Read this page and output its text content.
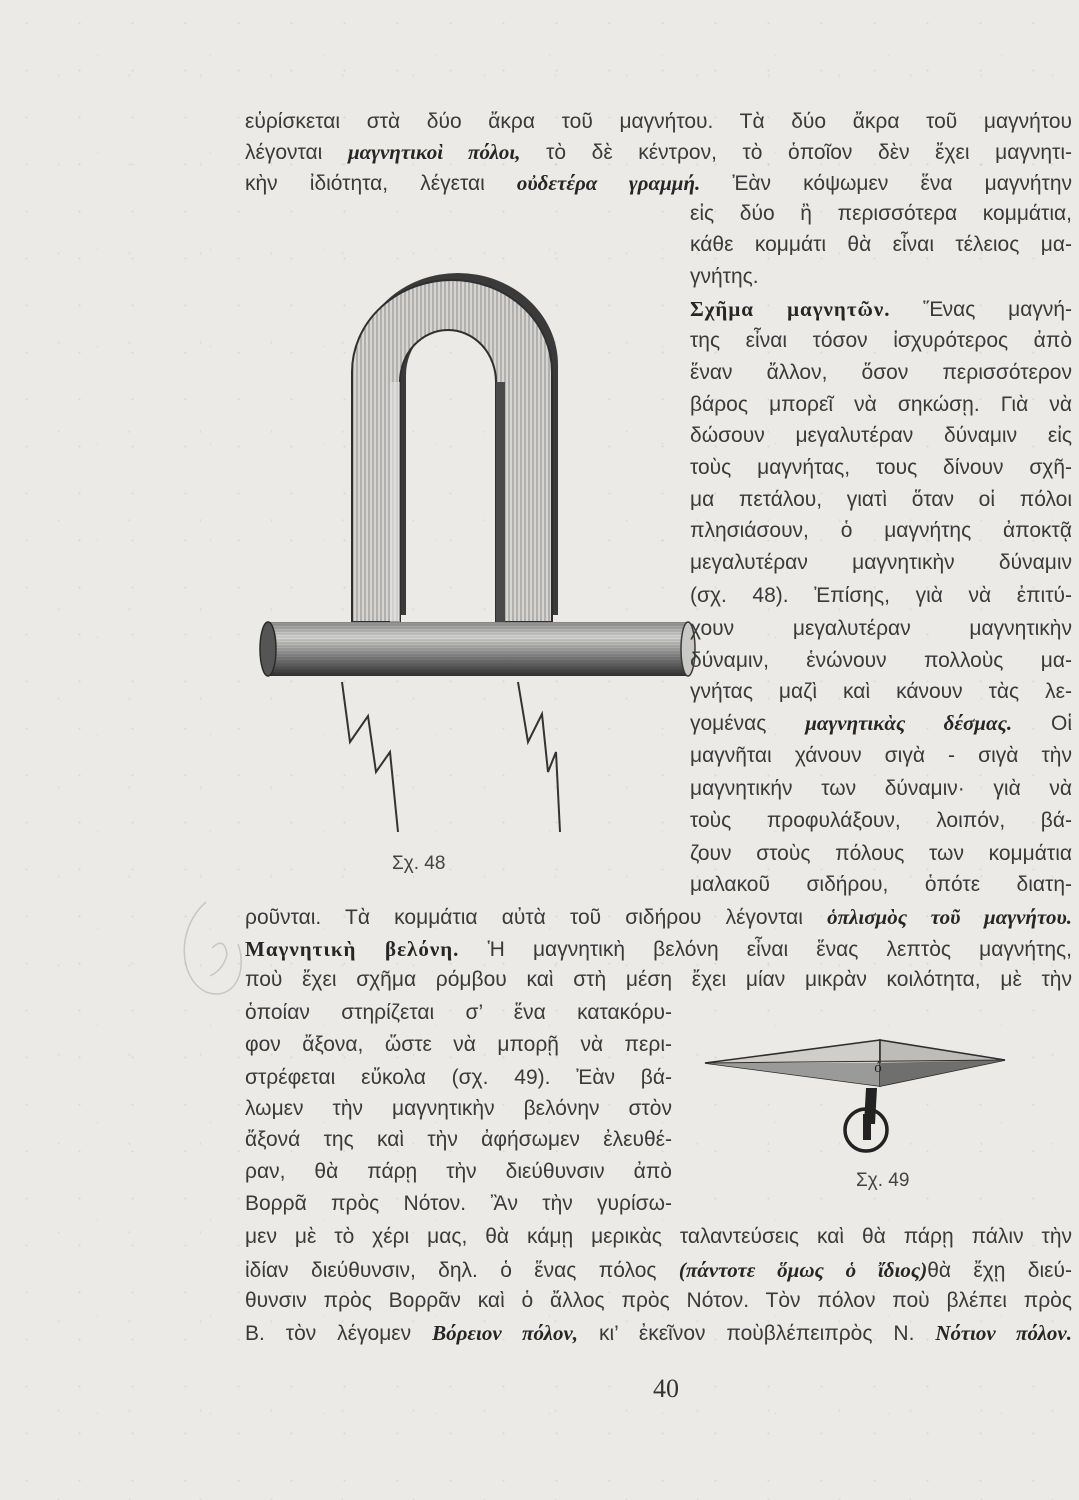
ό
εὑρίσκεται στὰ δύο ἄκρα τοῦ μαγνήτου. Τὰ δύο ἄκρα τοῦ μαγνήτου
λέγονται μαγνητικοὶ πόλοι, τὸ δὲ κέντρον, τὸ ὁποῖον δὲν ἔχει μαγνητι-
κὴν ἰδιότητα, λέγεται οὐδετέρα γραμμή. Ἐὰν κόψωμεν ἕνα μαγνήτην
εἰς δύο ἢ περισσότερα κομμάτια,
κάθε κομμάτι θὰ εἶναι τέλειος μα-
γνήτης.
Σχῆμα μαγνητῶν. Ἕνας μαγνή-
της εἶναι τόσον ἰσχυρότερος ἀπὸ
ἕναν ἄλλον, ὅσον περισσότερον
βάρος μπορεῖ νὰ σηκώσῃ. Γιὰ νὰ
δώσουν μεγαλυτέραν δύναμιν εἰς
τοὺς μαγνήτας, τους δίνουν σχῆ-
μα πετάλου, γιατὶ ὅταν οἱ πόλοι
πλησιάσουν, ὁ μαγνήτης ἀποκτᾷ
μεγαλυτέραν μαγνητικὴν δύναμιν
(σχ. 48). Ἐπίσης, γιὰ νὰ ἐπιτύ-
χουν μεγαλυτέραν μαγνητικὴν
δύναμιν, ἑνώνουν πολλοὺς μα-
γνήτας μαζὶ καὶ κάνουν τὰς λε-
γομένας μαγνητικὰς δέσμας. Οἱ
μαγνῆται χάνουν σιγὰ - σιγὰ τὴν
μαγνητικήν των δύναμιν· γιὰ νὰ
τοὺς προφυλάξουν, λοιπόν, βά-
ζουν στοὺς πόλους των κομμάτια
μαλακοῦ σιδήρου, ὁπότε διατη-
ροῦνται. Τὰ κομμάτια αὐτὰ τοῦ σιδήρου λέγονται ὁπλισμὸς τοῦ μαγνήτου.
Μαγνητικὴ βελόνη. Ἡ μαγνητικὴ βελόνη εἶναι ἕνας λεπτὸς μαγνήτης,
ποὺ ἔχει σχῆμα ρόμβου καὶ στὴ μέση ἔχει μίαν μικρὰν κοιλότητα, μὲ τὴν
ὁποίαν στηρίζεται σ’ ἕνα κατακόρυ-
φον ἄξονα, ὥστε νὰ μπορῇ νὰ περι-
στρέφεται εὔκολα (σχ. 49). Ἐὰν βά-
λωμεν τὴν μαγνητικὴν βελόνην στὸν
ἄξονά της καὶ τὴν ἀφήσωμεν ἐλευθέ-
ραν, θὰ πάρῃ τὴν διεύθυνσιν ἀπὸ
Βορρᾶ πρὸς Νότον. Ἂν τὴν γυρίσω-
μεν μὲ τὸ χέρι μας, θὰ κάμῃ μερικὰς ταλαντεύσεις καὶ θὰ πάρῃ πάλιν τὴν
ἰδίαν διεύθυνσιν, δηλ. ὁ ἕνας πόλος (πάντοτε ὅμως ὁ ἴδιος)θὰ ἔχῃ διεύ-
θυνσιν πρὸς Βορρᾶν καὶ ὁ ἄλλος πρὸς Νότον. Τὸν πόλον ποὺ βλέπει πρὸς
Β. τὸν λέγομεν Βόρειον πόλον, κι’ ἐκεῖνον ποὺβλέπειπρὸς Ν. Νότιον πόλον.
Σχ. 48
Σχ. 49
40
